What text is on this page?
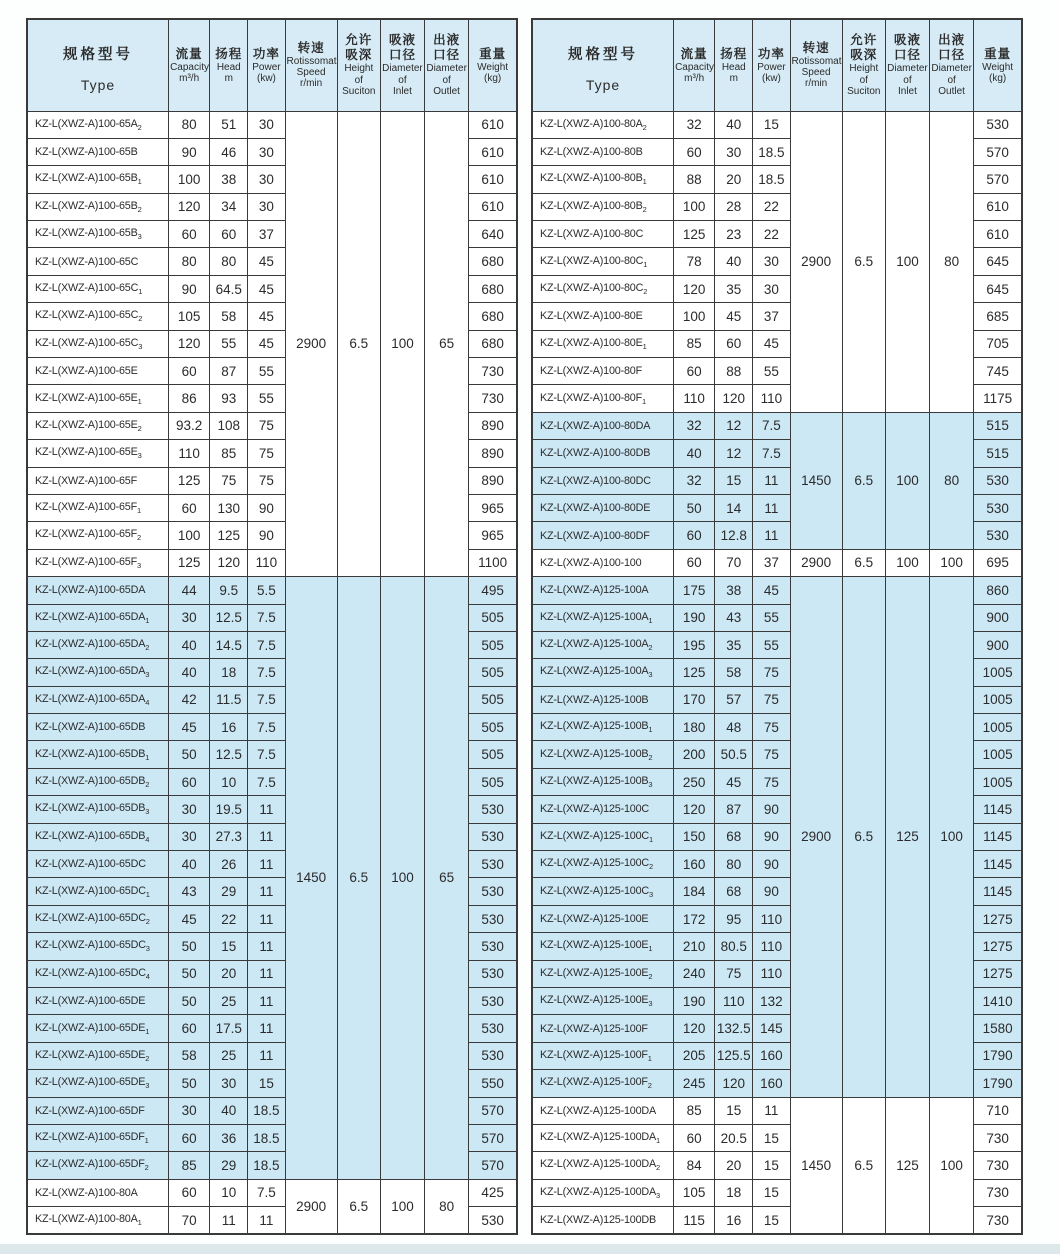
规格型号
Type

流量
Capacity
m³/h

扬程
Head
m

功率
Power
(kw)

转速
Rotissomat
Speed
r/min

允许
吸深
Height
of
Suciton

吸液
口径
Diameter
of
Inlet

出液
口径
Diameter
of
Outlet

重量
Weight
(kg)

$KZ-L(XWZ-A)100-65A_2$	80	51	30	2900	6.5	100	65	610
KZ-L(XWZ-A)100-65B	90	46	30					610
$KZ-L(XWZ-A)100-65B_1$	100	38	30					610
$KZ-L(XWZ-A)100-65B_2$	120	34	30					610
$KZ-L(XWZ-A)100-65B_3$	60	60	37					640
KZ-L(XWZ-A)100-65C	80	80	45					680
$KZ-L(XWZ-A)100-65C_1$	90	64.5	45					680
$KZ-L(XWZ-A)100-65C_2$	105	58	45					680
$KZ-L(XWZ-A)100-65C_3$	120	55	45					680
KZ-L(XWZ-A)100-65E	60	87	55					730
$KZ-L(XWZ-A)100-65E_1$	86	93	55					730
$KZ-L(XWZ-A)100-65E_2$	93.2	108	75					890
$KZ-L(XWZ-A)100-65E_3$	110	85	75					890
KZ-L(XWZ-A)100-65F	125	75	75					890
$KZ-L(XWZ-A)100-65F_1$	60	130	90					965
$KZ-L(XWZ-A)100-65F_2$	100	125	90					965
$KZ-L(XWZ-A)100-65F_3$	125	120	110					1100
KZ-L(XWZ-A)100-65DA	44	9.5	5.5	1450	6.5	100	65	495
$KZ-L(XWZ-A)100-65DA_1$	30	12.5	7.5					505
$KZ-L(XWZ-A)100-65DA_2$	40	14.5	7.5					505
$KZ-L(XWZ-A)100-65DA_3$	40	18	7.5					505
$KZ-L(XWZ-A)100-65DA_4$	42	11.5	7.5					505
KZ-L(XWZ-A)100-65DB	45	16	7.5					505
$KZ-L(XWZ-A)100-65DB_1$	50	12.5	7.5					505
$KZ-L(XWZ-A)100-65DB_2$	60	10	7.5					505
$KZ-L(XWZ-A)100-65DB_3$	30	19.5	11					530
$KZ-L(XWZ-A)100-65DB_4$	30	27.3	11					530
KZ-L(XWZ-A)100-65DC	40	26	11					530
$KZ-L(XWZ-A)100-65DC_1$	43	29	11					530
$KZ-L(XWZ-A)100-65DC_2$	45	22	11					530
$KZ-L(XWZ-A)100-65DC_3$	50	15	11					530
$KZ-L(XWZ-A)100-65DC_4$	50	20	11					530
KZ-L(XWZ-A)100-65DE	50	25	11					530
$KZ-L(XWZ-A)100-65DE_1$	60	17.5	11					530
$KZ-L(XWZ-A)100-65DE_2$	58	25	11					530
$KZ-L(XWZ-A)100-65DE_3$	50	30	15					550
KZ-L(XWZ-A)100-65DF	30	40	18.5					570
$KZ-L(XWZ-A)100-65DF_1$	60	36	18.5					570
$KZ-L(XWZ-A)100-65DF_2$	85	29	18.5					570
KZ-L(XWZ-A)100-80A	60	10	7.5	2900	6.5	100	80	425
$KZ-L(XWZ-A)100-80A_1$	70	11	11					530
规格型号
Type

流量
Capacity
m³/h

扬程
Head
m

功率
Power
(kw)

转速
Rotissomat
Speed
r/min

允许
吸深
Height
of
Suciton

吸液
口径
Diameter
of
Inlet

出液
口径
Diameter
of
Outlet

重量
Weight
(kg)

$KZ-L(XWZ-A)100-80A_2$	32	40	15	2900	6.5	100	80	530
KZ-L(XWZ-A)100-80B	60	30	18.5					570
$KZ-L(XWZ-A)100-80B_1$	88	20	18.5					570
$KZ-L(XWZ-A)100-80B_2$	100	28	22					610
KZ-L(XWZ-A)100-80C	125	23	22					610
$KZ-L(XWZ-A)100-80C_1$	78	40	30					645
$KZ-L(XWZ-A)100-80C_2$	120	35	30					645
KZ-L(XWZ-A)100-80E	100	45	37					685
$KZ-L(XWZ-A)100-80E_1$	85	60	45					705
KZ-L(XWZ-A)100-80F	60	88	55					745
$KZ-L(XWZ-A)100-80F_1$	110	120	110					1175
KZ-L(XWZ-A)100-80DA	32	12	7.5	1450	6.5	100	80	515
KZ-L(XWZ-A)100-80DB	40	12	7.5					515
KZ-L(XWZ-A)100-80DC	32	15	11					530
KZ-L(XWZ-A)100-80DE	50	14	11					530
KZ-L(XWZ-A)100-80DF	60	12.8	11					530
KZ-L(XWZ-A)100-100	60	70	37	2900	6.5	100	100	695
KZ-L(XWZ-A)125-100A	175	38	45	2900	6.5	125	100	860
$KZ-L(XWZ-A)125-100A_1$	190	43	55					900
$KZ-L(XWZ-A)125-100A_2$	195	35	55					900
$KZ-L(XWZ-A)125-100A_3$	125	58	75					1005
KZ-L(XWZ-A)125-100B	170	57	75					1005
$KZ-L(XWZ-A)125-100B_1$	180	48	75					1005
$KZ-L(XWZ-A)125-100B_2$	200	50.5	75					1005
$KZ-L(XWZ-A)125-100B_3$	250	45	75					1005
KZ-L(XWZ-A)125-100C	120	87	90					1145
$KZ-L(XWZ-A)125-100C_1$	150	68	90					1145
$KZ-L(XWZ-A)125-100C_2$	160	80	90					1145
$KZ-L(XWZ-A)125-100C_3$	184	68	90					1145
KZ-L(XWZ-A)125-100E	172	95	110					1275
$KZ-L(XWZ-A)125-100E_1$	210	80.5	110					1275
$KZ-L(XWZ-A)125-100E_2$	240	75	110					1275
$KZ-L(XWZ-A)125-100E_3$	190	110	132					1410
KZ-L(XWZ-A)125-100F	120	132.5	145					1580
$KZ-L(XWZ-A)125-100F_1$	205	125.5	160					1790
$KZ-L(XWZ-A)125-100F_2$	245	120	160					1790
KZ-L(XWZ-A)125-100DA	85	15	11	1450	6.5	125	100	710
$KZ-L(XWZ-A)125-100DA_1$	60	20.5	15					730
$KZ-L(XWZ-A)125-100DA_2$	84	20	15					730
$KZ-L(XWZ-A)125-100DA_3$	105	18	15					730
KZ-L(XWZ-A)125-100DB	115	16	15					730
